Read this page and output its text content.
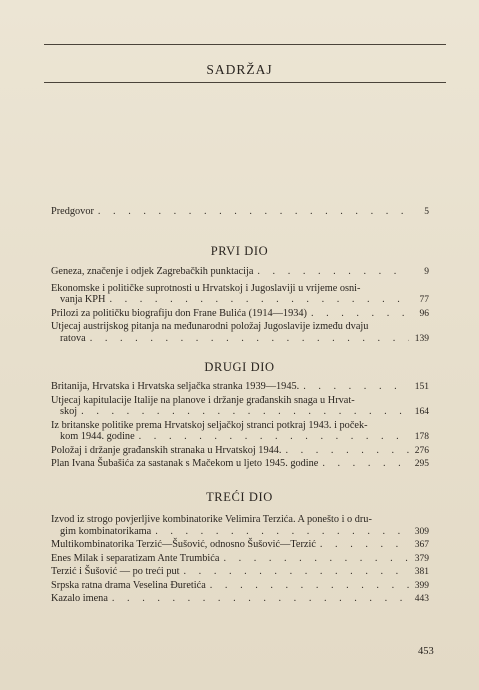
SADRŽAJ
Predgovor . . .	5
PRVI DIO
Geneza, značenje i odjek Zagrebačkih punktacija . . .	9
Ekonomske i političke suprotnosti u Hrvatskoj i Jugoslaviji u vrijeme osni-
vanja KPH . . .	77
Prilozi za političku biografiju don Frane Bulića (1914—1934) . . .	96
Utjecaj austrijskog pitanja na međunarodni položaj Jugoslavije između dvaju
ratova . . .	139
DRUGI DIO
Britanija, Hrvatska i Hrvatska seljačka stranka 1939—1945. . . .	151
Utjecaj kapitulacije Italije na planove i držanje građanskih snaga u Hrvat-
skoj . . .	164
Iz britanske politike prema Hrvatskoj seljačkoj stranci potkraj 1943. i poček-
kom 1944. godine . . .	178
Položaj i držanje građanskih stranaka u Hrvatskoj 1944. . . .	276
Plan Ivana Šubašića za sastanak s Mačekom u ljeto 1945. godine . . .	295
TREĆI DIO
Izvod iz strogo povjerljive kombinatorike Velimira Terzića. A ponešto i o dru-
gim kombinatorikama . . .	309
Multikombinatorika Terzić—Šušović, odnosno Šušović—Terzić . . .	367
Enes Milak i separatizam Ante Trumbića . . .	379
Terzić i Šušović — po treći put . . .	381
Srpska ratna drama Veselina Đuretića . . .	399
Kazalo imena . . .	443
453
